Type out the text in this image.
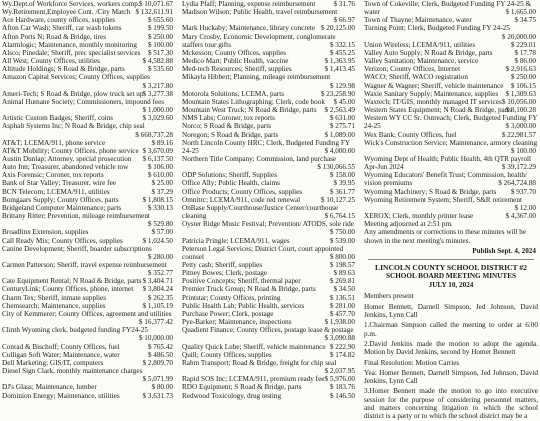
$ 10,071.67
Wy.Dept.of Workforce Services, workers comp.
$ 132,611.91
Wy.Retirement,Employee Cont. /City Match
$ 655.60
Ace Hardware, county offices, supplies
$ 199.50
Afton Car Wash; Sheriff, car wash tokens
$ 250.00
Afton Ports N; Road & Bridge, tires
$ 100.00
Alarmlogic; Maintenance, monthly monitoring
$ 517.30
Alsco; Pinedale; Sheriff, prec specialist services
$ 4,582.88
All West; County Offices, utilities
$ 535.60
Altitude Holdings; S Road & Bridge, parts
Amazon Capital Services; County Offices, supplies
$ 3,217.80
$ 3,277.38
Ameri-Tech; S Road & Bridge, plow truck set up
Animal Humane Society; Commissioners, impound fees
$ 1,000.00
$ 3,029.60
Artistic Custom Badges; Sheriff, coins
Asphalt Systems Inc; N Road & Bridge, chip seal
$ 668,737.28
$ 89.16
AT&T; LCEMA/911, phone service
$ 3,670.09
AT&T Mobility; County Offices, phone service
$ 6,137.50
Austin Dunlap; Attorney, special prosecution
$ 106.00
Auto Inn; Treasurer, abandoned vehicle tow
$ 610.00
Axis Forensic; Coroner, tox reports
$ 25.00
Bank of Star Valley; Treasurer, wire fee
$ 37.29
BCN Telecom; LCEMA/911, utilities
$ 1,808.15
Bomgaars Supply; County Offices, parts
$ 330.13
Bridgeland Computer Maintenance; parts
Brittany Ritter; Prevention, mileage reimbursement
$ 529.80
$ 57.00
Broadlinx Extension, supplies
$ 1,024.50
Call Ready Mix; County Offices, supplies
Canine Development; Sheriff, boarder subscriptions
$ 280.00
Carmen Patterson; Sheriff, travel expense reimbursement
$ 352.77
$ 3,404.71
Cate Equipment Rental; N Road & Bridge, parts
$ 3,804.24
CenturyLink; County Offices, phone, internet
$ 262.35
Charm Tex; Sheriff, inmate supplies
$ 1,105.19
Chemsearch; Maintenance, supplies
City of Kemmerer; County Offices, agreement and utilities
$ 16,377.42
Clinth Wyoming clerk, budgeted funding FY24-25
$ 10,000.00
$ 765.42
Conrad & Bischoff; County Offices, fuel
$ 486.50
Culligan Soft Water; Maintenance, water
$ 2,809.70
Dell Marketing; GIS/IT, computers
Diesel Sign Clark, monthly maintenance charges
$ 5,071.99
$ 80.00
DJ's Glass; Maintenance, lumber
$ 3,631.73
Dominion Energy; Maintenance, utilities
$ 31.76
Lydia Pfaff; Planning, expense reimbursement
Madison Wilson; Public Health, travel reimbursement
$ 66.97
$ 20,125.00
Mark Huckaby; Maintenance, library concrete
Mary Crosby, Economic Development, conglomerate
$ 332.15
staffers tour gifts
$ 455.25
Mckesson; County Offices, supplies
$ 1,363.95
Medico Mart; Public Health, vaccine
$ 1,413.45
Med-tech Resources; Sheriff, supplies
Mikayla Hibbert; Planning, mileage reimbursement
$ 129.98
$ 23,258.90
Motorola Solutions, LCEMA, parts
$ 45.00
Mountain States Lithographing; Clerk, code book
$ 2,563.49
Mountain West Truck; N Road & Bridge, parts
$ 631.00
NMS Labs; Coroner, tox reports
$ 275.71
Norco; S Road & Bridge, parts
$ 1,089.00
Noregon; S Road & Bridge, parts
North Lincoln County HRC; Clerk, Budgeted Funding FY
$ 4,000.00
24-25
Northern Title Company; Commission, land purchase
$ 130,066.55
$ 158.00
ODP Solutions; Sheriff, Supplies
$ 39.95
Office Ally; Public Health, claims
$ 361.77
Office Products; County Offices, supplies
$ 10,127.25
Omnitrc; LCEMA/911, code red renewal
OnBase Supply/Courthouse/Justice Center/courthouse
$ 6,764.15
cleaning
Oyster Ridge Music Festival; Prevention/ ATODS, sole ride
$ 750.00
$ 539.00
Patricia Pringle; LCEMA/911, wages
Peterson Legal Services; District Court, court appointed
$ 800.00
counsel
$ 198.57
Petty cash; Sheriff, supplies
$ 89.63
Pitney Bowes; Clerk, postage
$ 269.81
Positive Concepts; Sheriff, thermal paper
$ 34.50
Premier Truck Group; N Road & Bridge, parts
$ 136.51
Printstar; County Offices, printing
$ 281.00
Public Health Lab; Public Health, services
$ 457.70
Purchase Power; Clerk, postage
$ 1,938.00
Pye-Barker; Maintenance, inspections
Quadient Finance; County Offices, postage lease & postage
$ 3,090.88
$ 222.90
Quality Quick Lube; Sheriff, vehicle maintenance
$ 174.82
Quill; County Offices, supplies
Rahm Transport; Road & Bridge, freight for chip seal
$ 2,037.95
$ 5,976.00
Rapid SOS Inc; LCEMA/911, premium ready fee
$ 183.76
RDO Equipment; S Road & Bridge, parts
$ 146.50
Redwood Toxicology, drug testing
Town of Cokeville; Clerk, Budgeted Funding FY 24-25 &
$ 1,665.00
water
$ 34.75
Town of Thayne; Maintenance, water
Turning Point; Clerk, Budgeted Funding FY 24-25
$ 20,000.00
$ 229.01
Union Wireless; LCEMA/911, utilities
$ 17.78
Valley Auto Supply; N Road & Bridge, parts
$ 86.00
Valley Sanitation; Maintenance, service
$ 2,916.63
Verizon; County Offices, Internet
$ 250.00
WACO; Sheriff, WACO registration
$ 106.15
Wagner & Wagner; Sheriff, vehicle maintenance
$ 1,309.63
Waxie Sanitary Supply; Maintenance, supplies
$ 10,056.00
Waxtech; IT/GIS, monthly managed IT services
$ 8,100.28
Western States Equipment; N Road & Bridge, parts
Western WY CC Sr. Outreach; Clerk, Budgeted Funding FY
$ 3,000.00
24-25
$ 22,981.57
Wex Bank; County Offices, fuel
Wick's Construction Service; Maintenance, armory cleaning
$ 100.00
Wyoming Dept of Health; Public Health, 4th QTR payroll
$ 39,172.29
Apr-Jun 2024
Wyoming Educators' Benefit Trust; Commission, health/
$ 264,724.88
vision premiums
$ 937.70
Wyoming Machinery; S Road & Bridge, parts
Wyoming Retirement System; Sheriff, S&R retirement
$ 12.00
$ 4,367.00
XEROX; Clerk, monthly printer lease
Meeting adjourned at 2:51 pm.
Any amendments or corrections to these minutes will be shown in the next meeting's minutes.
Publish Sept. 4, 2024
LINCOLN COUNTY SCHOOL DISTRICT #2
SCHOOL BOARD MEETING MINUTES
JULY 10, 2024
Members present
Homer Bennett, Darnell Simpson, Jed Johnson, David Jenkins, Lynn Call
1.Chairman Simpson called the meeting to order at 6:00 p.m.
2.David Jenkins made the motion to adopt the agenda. Motion by David Jenkins, second by Homer Bennett
Final Resolution: Motion Carries
Yea: Homer Bennett, Darnell Simpson, Jed Johnson, David Jenkins, Lynn Call
3.Homer Bennett made the motion to go into executive session for the purpose of considering personnel matters, and matters concerning litigation to which the school district is a party or to which the school district may be a
